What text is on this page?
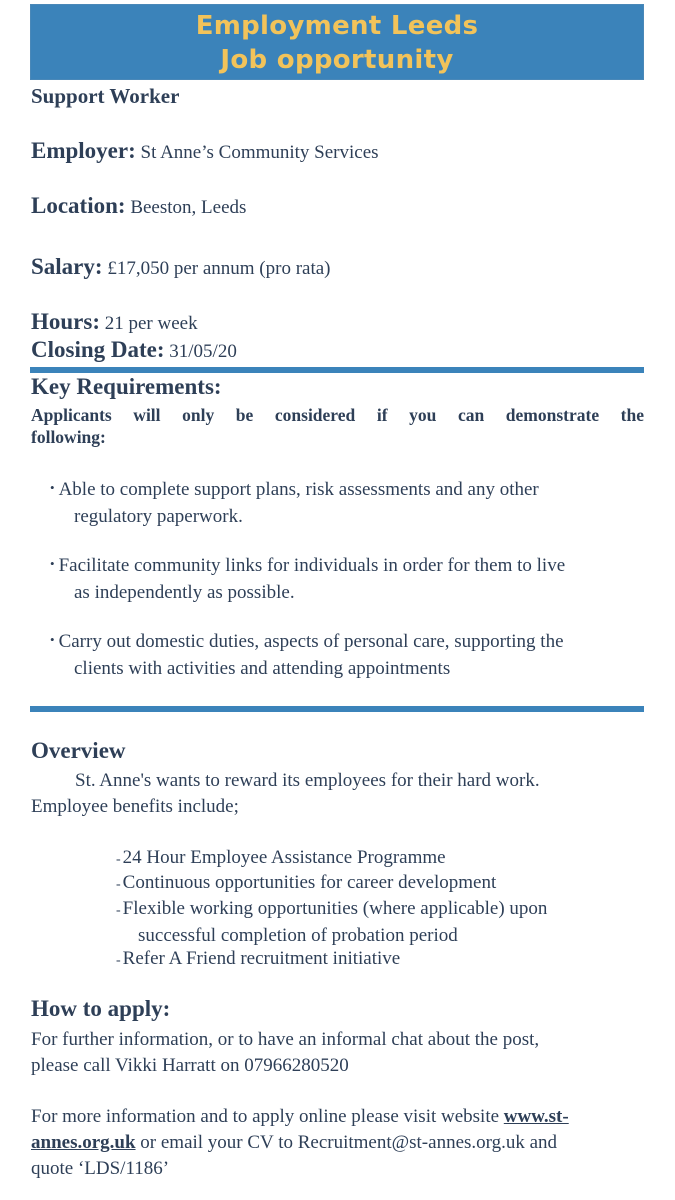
Employment Leeds
Job opportunity
Support Worker
Employer: St Anne’s Community Services
Location: Beeston, Leeds
Salary: £17,050 per annum (pro rata)
Hours: 21 per week
Closing Date: 31/05/20
Key Requirements:
Applicants will only be considered if you can demonstrate the
following:
• Able to complete support plans, risk assessments and any other
regulatory paperwork.
• Facilitate community links for individuals in order for them to live
as independently as possible.
• Carry out domestic duties, aspects of personal care, supporting the
clients with activities and attending appointments
Overview
St. Anne's wants to reward its employees for their hard work.
Employee benefits include;
- 24 Hour Employee Assistance Programme
- Continuous opportunities for career development
- Flexible working opportunities (where applicable) upon
successful completion of probation period
- Refer A Friend recruitment initiative
How to apply:
For further information, or to have an informal chat about the post,
please call Vikki Harratt on 07966280520
For more information and to apply online please visit website www.st-
annes.org.uk or email your CV to Recruitment@st-annes.org.uk and
quote ‘LDS/1186’
